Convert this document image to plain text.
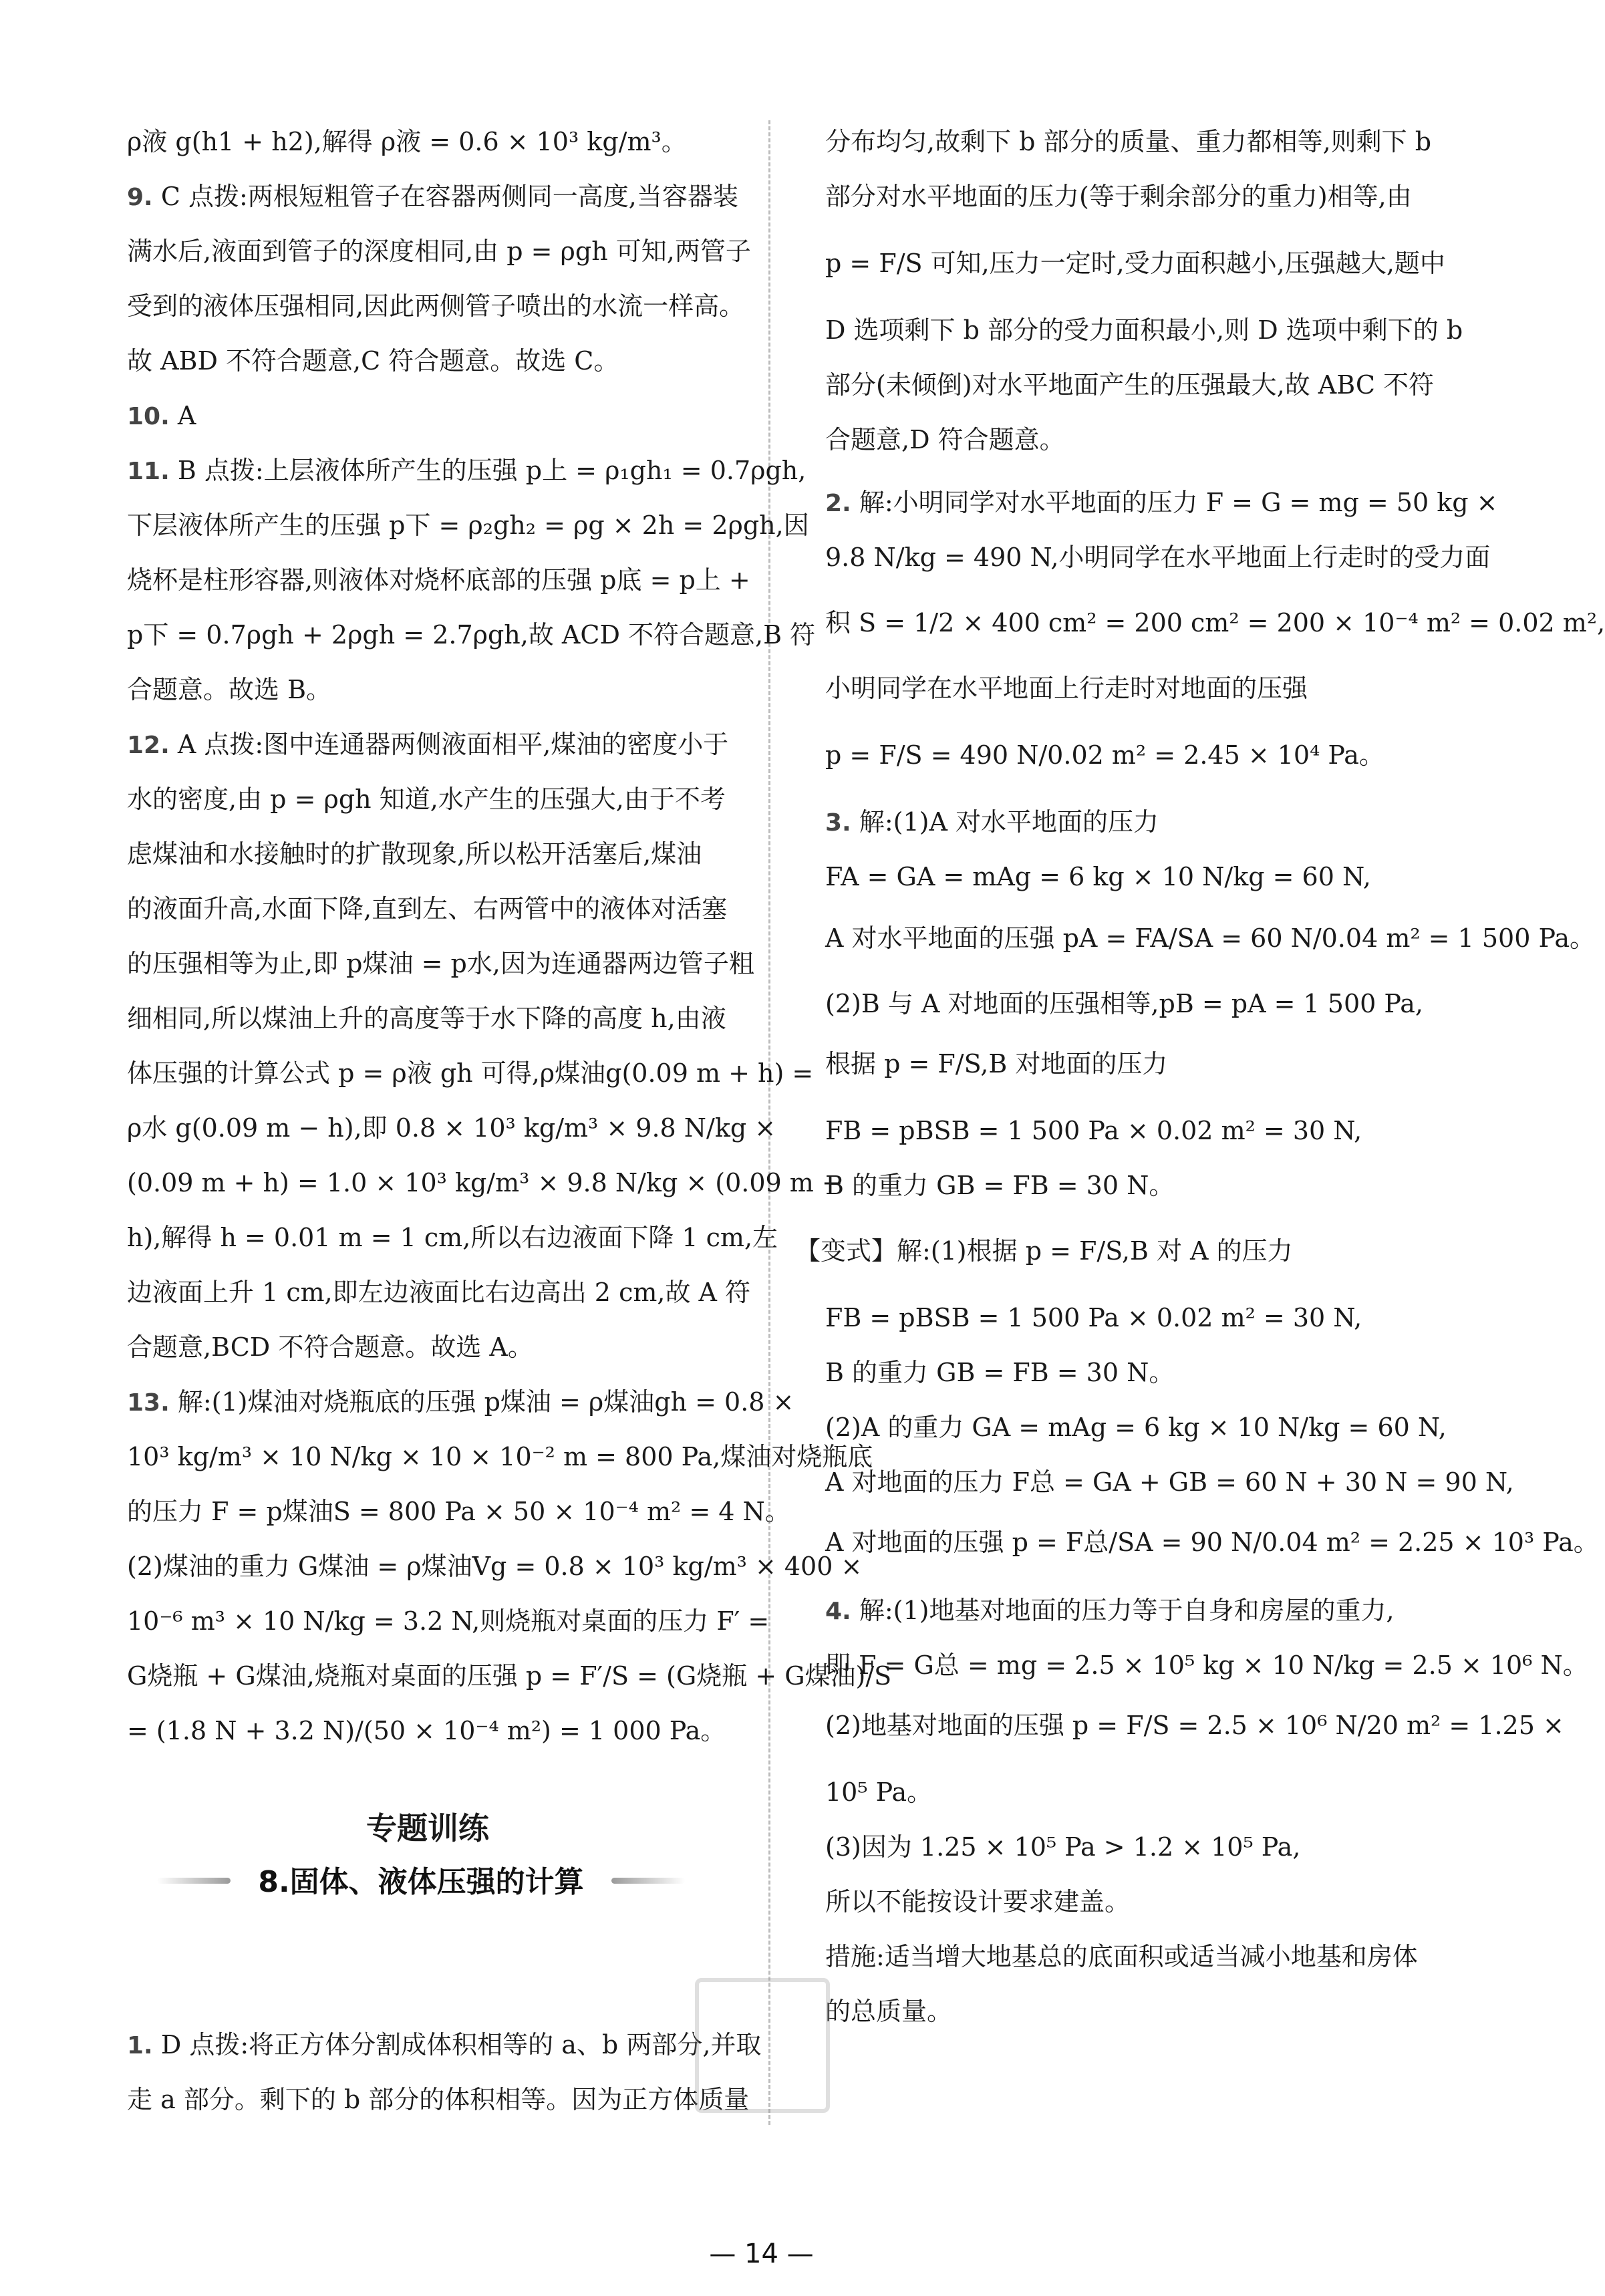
ρ液 g(h1 + h2),解得 ρ液 = 0.6 × 10³ kg/m³。
9. C 点拨:两根短粗管子在容器两侧同一高度,当容器装
满水后,液面到管子的深度相同,由 p = ρgh 可知,两管子
受到的液体压强相同,因此两侧管子喷出的水流一样高。
故 ABD 不符合题意,C 符合题意。故选 C。
10. A
11. B 点拨:上层液体所产生的压强 p上 = ρ₁gh₁ = 0.7ρgh,
下层液体所产生的压强 p下 = ρ₂gh₂ = ρg × 2h = 2ρgh,因
烧杯是柱形容器,则液体对烧杯底部的压强 p底 = p上 +
p下 = 0.7ρgh + 2ρgh = 2.7ρgh,故 ACD 不符合题意,B 符
合题意。故选 B。
12. A 点拨:图中连通器两侧液面相平,煤油的密度小于
水的密度,由 p = ρgh 知道,水产生的压强大,由于不考
虑煤油和水接触时的扩散现象,所以松开活塞后,煤油
的液面升高,水面下降,直到左、右两管中的液体对活塞
的压强相等为止,即 p煤油 = p水,因为连通器两边管子粗
细相同,所以煤油上升的高度等于水下降的高度 h,由液
体压强的计算公式 p = ρ液 gh 可得,ρ煤油g(0.09 m + h) =
ρ水 g(0.09 m − h),即 0.8 × 10³ kg/m³ × 9.8 N/kg ×
(0.09 m + h) = 1.0 × 10³ kg/m³ × 9.8 N/kg × (0.09 m −
h),解得 h = 0.01 m = 1 cm,所以右边液面下降 1 cm,左
边液面上升 1 cm,即左边液面比右边高出 2 cm,故 A 符
合题意,BCD 不符合题意。故选 A。
13. 解:(1)煤油对烧瓶底的压强 p煤油 = ρ煤油gh = 0.8 ×
10³ kg/m³ × 10 N/kg × 10 × 10⁻² m = 800 Pa,煤油对烧瓶底
的压力 F = p煤油S = 800 Pa × 50 × 10⁻⁴ m² = 4 N。
(2)煤油的重力 G煤油 = ρ煤油Vg = 0.8 × 10³ kg/m³ × 400 ×
10⁻⁶ m³ × 10 N/kg = 3.2 N,则烧瓶对桌面的压力 F′ =
G烧瓶 + G煤油,烧瓶对桌面的压强 p = F′/S = (G烧瓶 + G煤油)/S
= (1.8 N + 3.2 N)/(50 × 10⁻⁴ m²) = 1 000 Pa。
1. D 点拨:将正方体分割成体积相等的 a、b 两部分,并取
走 a 部分。剩下的 b 部分的体积相等。因为正方体质量
专题训练
8.固体、液体压强的计算
分布均匀,故剩下 b 部分的质量、重力都相等,则剩下 b
部分对水平地面的压力(等于剩余部分的重力)相等,由
p = F/S 可知,压力一定时,受力面积越小,压强越大,题中
D 选项剩下 b 部分的受力面积最小,则 D 选项中剩下的 b
部分(未倾倒)对水平地面产生的压强最大,故 ABC 不符
合题意,D 符合题意。
2. 解:小明同学对水平地面的压力 F = G = mg = 50 kg ×
9.8 N/kg = 490 N,小明同学在水平地面上行走时的受力面
积 S = 1/2 × 400 cm² = 200 cm² = 200 × 10⁻⁴ m² = 0.02 m²,
小明同学在水平地面上行走时对地面的压强
p = F/S = 490 N/0.02 m² = 2.45 × 10⁴ Pa。
3. 解:(1)A 对水平地面的压力
FA = GA = mAg = 6 kg × 10 N/kg = 60 N,
A 对水平地面的压强 pA = FA/SA = 60 N/0.04 m² = 1 500 Pa。
(2)B 与 A 对地面的压强相等,pB = pA = 1 500 Pa,
根据 p = F/S,B 对地面的压力
FB = pBSB = 1 500 Pa × 0.02 m² = 30 N,
B 的重力 GB = FB = 30 N。
【变式】解:(1)根据 p = F/S,B 对 A 的压力
FB = pBSB = 1 500 Pa × 0.02 m² = 30 N,
B 的重力 GB = FB = 30 N。
(2)A 的重力 GA = mAg = 6 kg × 10 N/kg = 60 N,
A 对地面的压力 F总 = GA + GB = 60 N + 30 N = 90 N,
A 对地面的压强 p = F总/SA = 90 N/0.04 m² = 2.25 × 10³ Pa。
4. 解:(1)地基对地面的压力等于自身和房屋的重力,
即 F = G总 = mg = 2.5 × 10⁵ kg × 10 N/kg = 2.5 × 10⁶ N。
(2)地基对地面的压强 p = F/S = 2.5 × 10⁶ N/20 m² = 1.25 ×
10⁵ Pa。
(3)因为 1.25 × 10⁵ Pa > 1.2 × 10⁵ Pa,
所以不能按设计要求建盖。
措施:适当增大地基总的底面积或适当减小地基和房体
的总质量。
— 14 —
